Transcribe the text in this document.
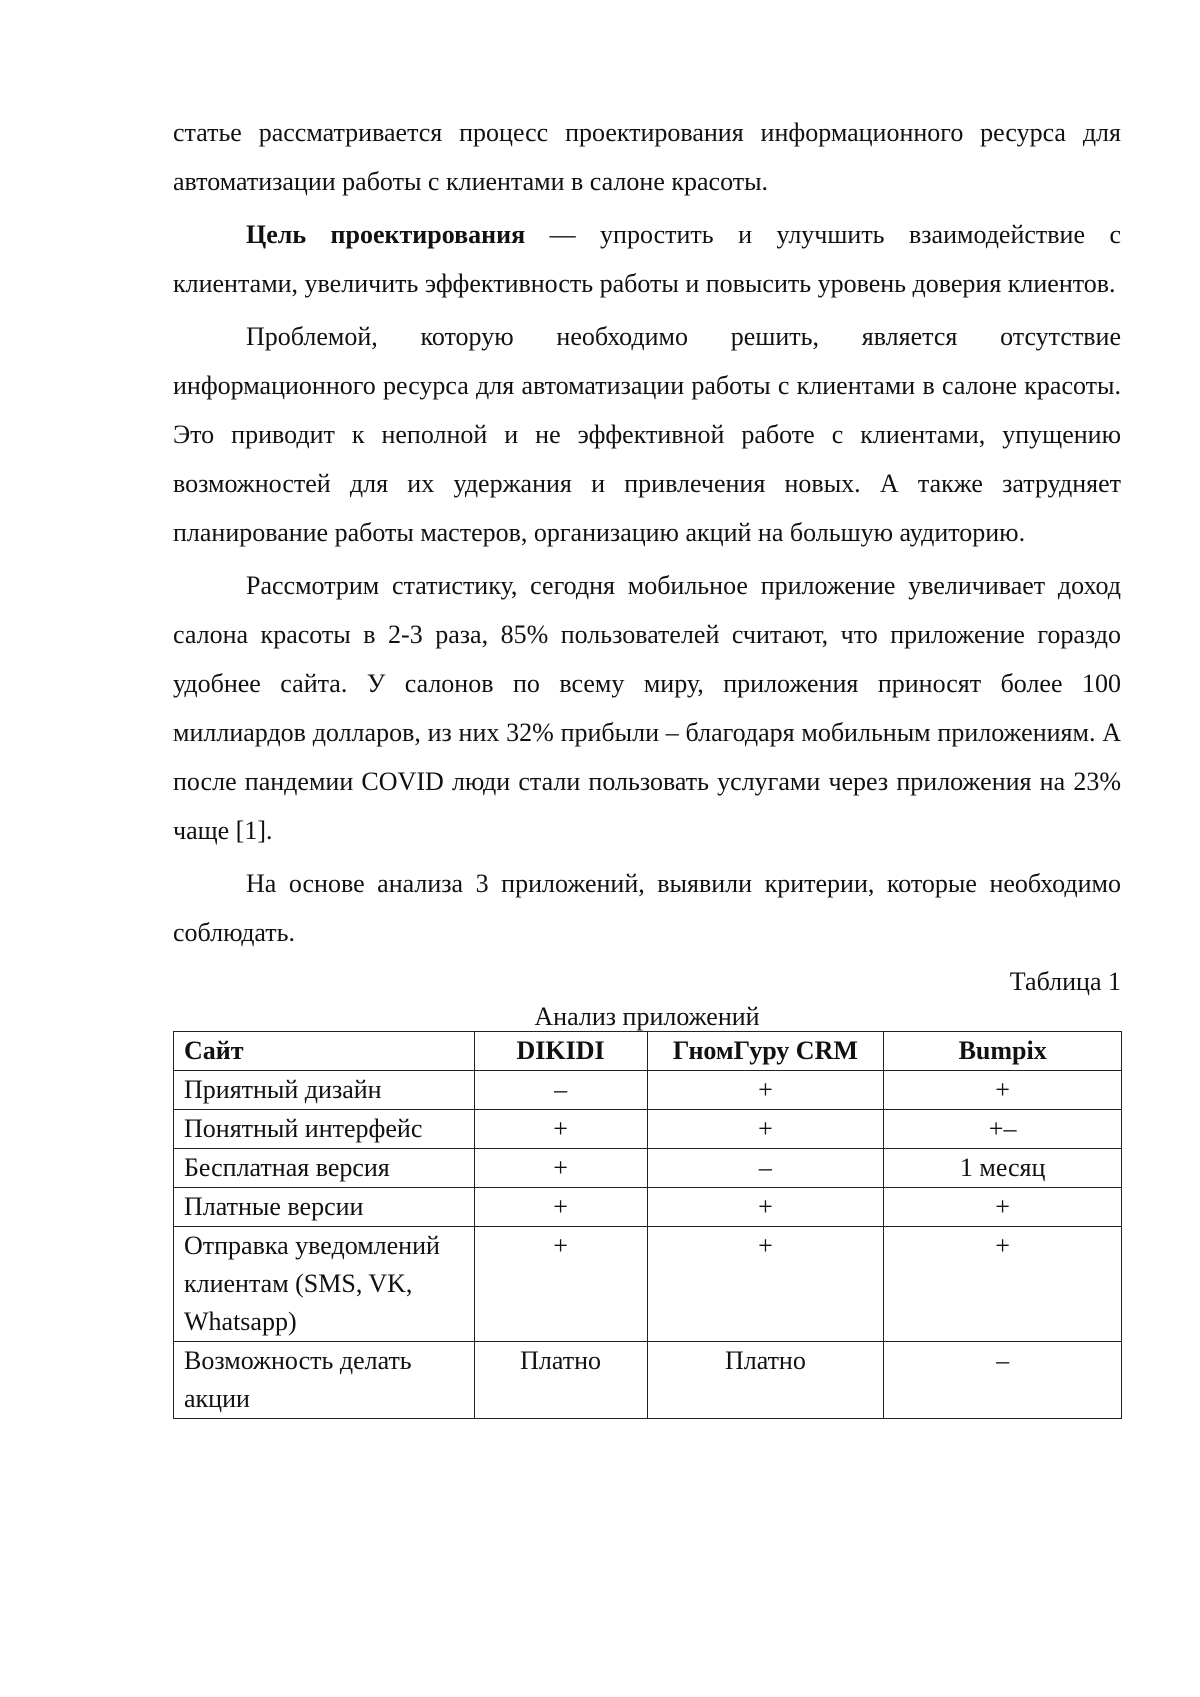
статье рассматривается процесс проектирования информационного ресурса для автоматизации работы с клиентами в салоне красоты.

Цель проектирования — упростить и улучшить взаимодействие с клиентами, увеличить эффективность работы и повысить уровень доверия клиентов.

Проблемой, которую необходимо решить, является отсутствие информационного ресурса для автоматизации работы с клиентами в салоне красоты. Это приводит к неполной и не эффективной работе с клиентами, упущению возможностей для их удержания и привлечения новых. А также затрудняет планирование работы мастеров, организацию акций на большую аудиторию.

Рассмотрим статистику, сегодня мобильное приложение увеличивает доход салона красоты в 2-3 раза, 85% пользователей считают, что приложение гораздо удобнее сайта. У салонов по всему миру, приложения приносят более 100 миллиардов долларов, из них 32% прибыли – благодаря мобильным приложениям. А после пандемии COVID люди стали пользовать услугами через приложения на 23% чаще [1].

На основе анализа 3 приложений, выявили критерии, которые необходимо соблюдать.

Таблица 1
Анализ приложений
Сайт	DIKIDI	ГномГуру CRM	Bumpix
Приятный дизайн	–	+	+
Понятный интерфейс	+	+	+–
Бесплатная версия	+	–	1 месяц
Платные версии	+	+	+
Отправка уведомлений клиентам (SMS, VK, Whatsapp)	+	+	+
Возможность делать акции	Платно	Платно	–
